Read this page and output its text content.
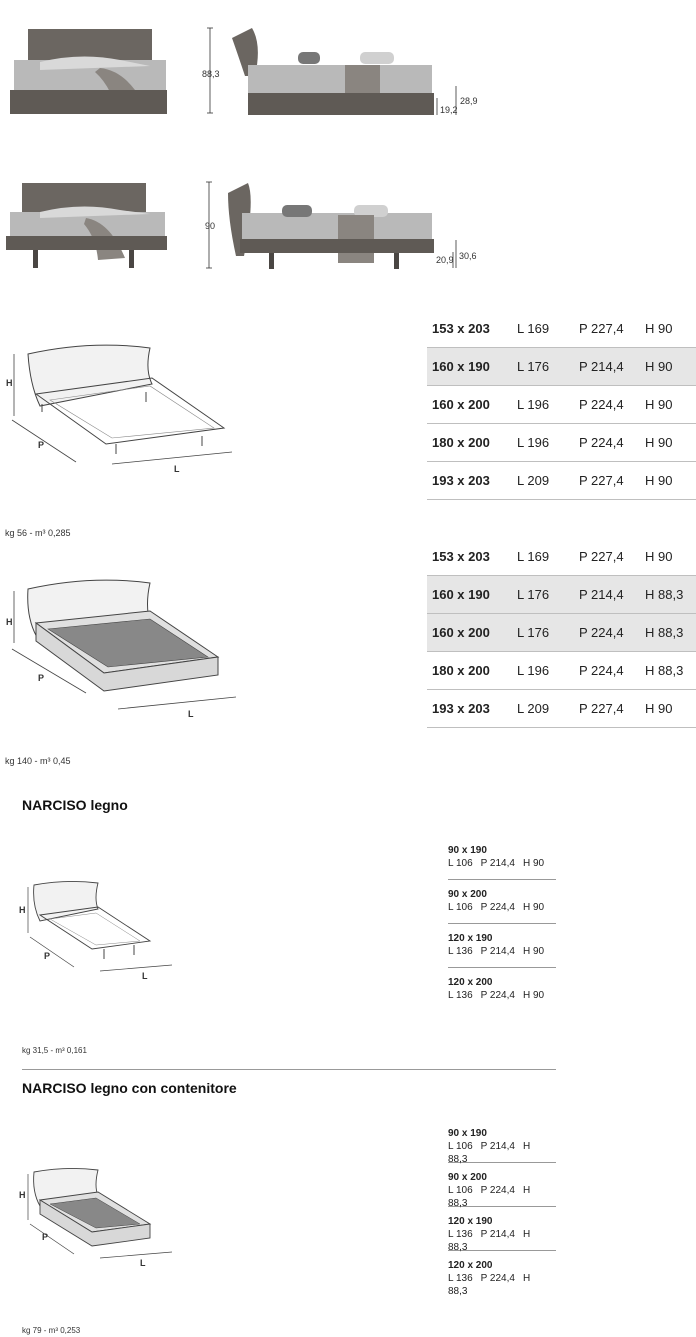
88,3
19,2
28,9
90
20,9 30,6
H
P
L
kg 56 - m³ 0,285
153 x 203	L 169	P 227,4	H 90
160 x 190	L 176	P 214,4	H 90
160 x 200	L 196	P 224,4	H 90
180 x 200	L 196	P 224,4	H 90
193 x 203	L 209	P 227,4	H 90
H
P
L
kg 140 - m³ 0,45
153 x 203	L 169	P 227,4	H 90
160 x 190	L 176	P 214,4	H 88,3
160 x 200	L 176	P 224,4	H 88,3
180 x 200	L 196	P 224,4	H 88,3
193 x 203	L 209	P 227,4	H 90
NARCISO legno
H
P
L
kg 31,5 - m³ 0,161
90 x 190
L 106 P 214,4 H 90
90 x 200
L 106 P 224,4 H 90
120 x 190
L 136 P 214,4 H 90
120 x 200
L 136 P 224,4 H 90
NARCISO legno con contenitore
H
P
L
kg 79 - m³ 0,253
90 x 190
L 106 P 214,4 H 88,3
90 x 200
L 106 P 224,4 H 88,3
120 x 190
L 136 P 214,4 H 88,3
120 x 200
L 136 P 224,4 H 88,3
